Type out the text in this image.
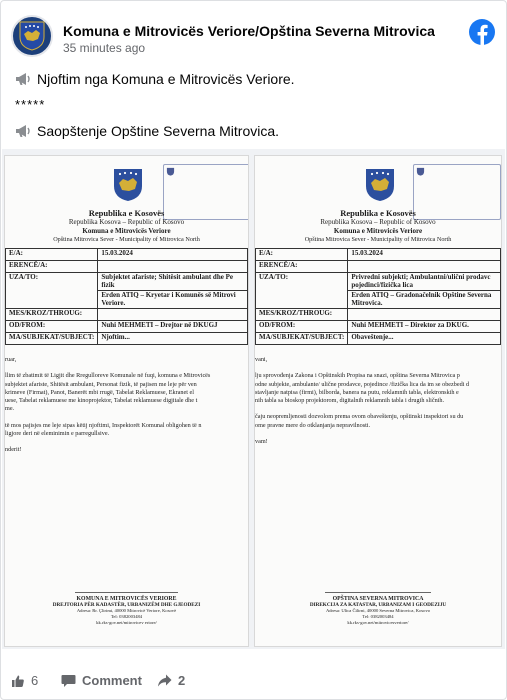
Komuna e Mitrovicës Veriore/Opština Severna Mitrovica
35 minutes ago
Njoftim nga Komuna e Mitrovicës Veriore.
*****
Saopštenje Opštine Severna Mitrovica.
Republika e Kosovës
Republika Kosova – Republic of Kosovo
Komuna e Mitrovicës Veriore
Opština Mitrovica Sever - Municipality of Mitrovica North
E/A:	15.03.2024
ERENCË/A:	
UZA/TO:	Subjektet afariste; Shitësit ambulant dhe Pe fizik
	Erden ATIQ – Kryetar i Komunës së Mitrovi Veriore.
MES/KROZ/THROUG:	
OD/FROM:	Nuhi MEHMETI – Drejtor në DKUGJ
MA/SUBJEKAT/SUBJECT:	Njoftim...
ruar,

llim të zbatimit të Ligjit dhe Rregulloreve Komunale në fuqi, komuna e Mitrovicës
subjektet afariste, Shitësit ambulant, Personat fizik, të pajisen me leje për ven
krimeve (Firmat), Panot, Banerët mbi rrugë, Tabelat Reklamuese, Ekranet el
uese, Tabelat reklamuese me kinoprojektor, Tabelat reklamuese digjitale dhe t
me.

të mos pajisjes me leje sipas këtij njoftimi, Inspektorët Komunal obligohen të n
ligjore deri në eleminimin e parregullsive.

nderit!
KOMUNA E MITROVICËS VERIORE
DREJTORIA PËR KADASTËR, URBANIZËM DHE GJEODEZI
Adresa: Rr. Çlirimi, 40000 Mitrovicë Veriore, Kosovë
Tel: 0382003484
kk.rks-gov.net/mitrovicev eriore/
Republika e Kosovës
Republika Kosova – Republic of Kosovo
Komuna e Mitrovicës Veriore
Opština Mitrovica Sever - Municipality of Mitrovica North
E/A:	15.03.2024
ERENCË/A:	
UZA/TO:	Privredni subjekti; Ambulantni/ulični prodavc pojedinci/fizička lica
	Erden ATIQ – Gradonačelnik Opštine Severna Mitrovica.
MES/KROZ/THROUG:	
OD/FROM:	Nuhi MEHMETI – Direktor za DKUG.
MA/SUBJEKAT/SUBJECT:	Obaveštenje...
vani,

lju sprovođenja Zakona i Opštinskih Propisa na snazi, opština Severna Mitrovica p
odne subjekte, ambulante/ ulične prodavce, pojedince /fizička lica da im se obezbedi d
stavljanje natpisa (firmi), bilborda, banera na putu, reklamnih tabla, elektronskih e
nih tabla sa bioskop projektorom, digitalnih reklamnih tabla i drugih sličnih.

čaju neopremljenosti dozvolom prema ovom obaveštenju, opštinski inspektori su du
ome pravne mere do otklanjanja nepravilnosti.

vam!
OPŠTINA SEVERNA MITROVICA
DIREKCIJA ZA KATASTAR, URBANIZAM I GEODEZIJU
Adresa: Ulica Čilirni, 40000 Severna Mitrovica, Kosovo
Tel: 0382003484
kk.rks-gov.net/mitrovicesveriore/
6	Comment	2
